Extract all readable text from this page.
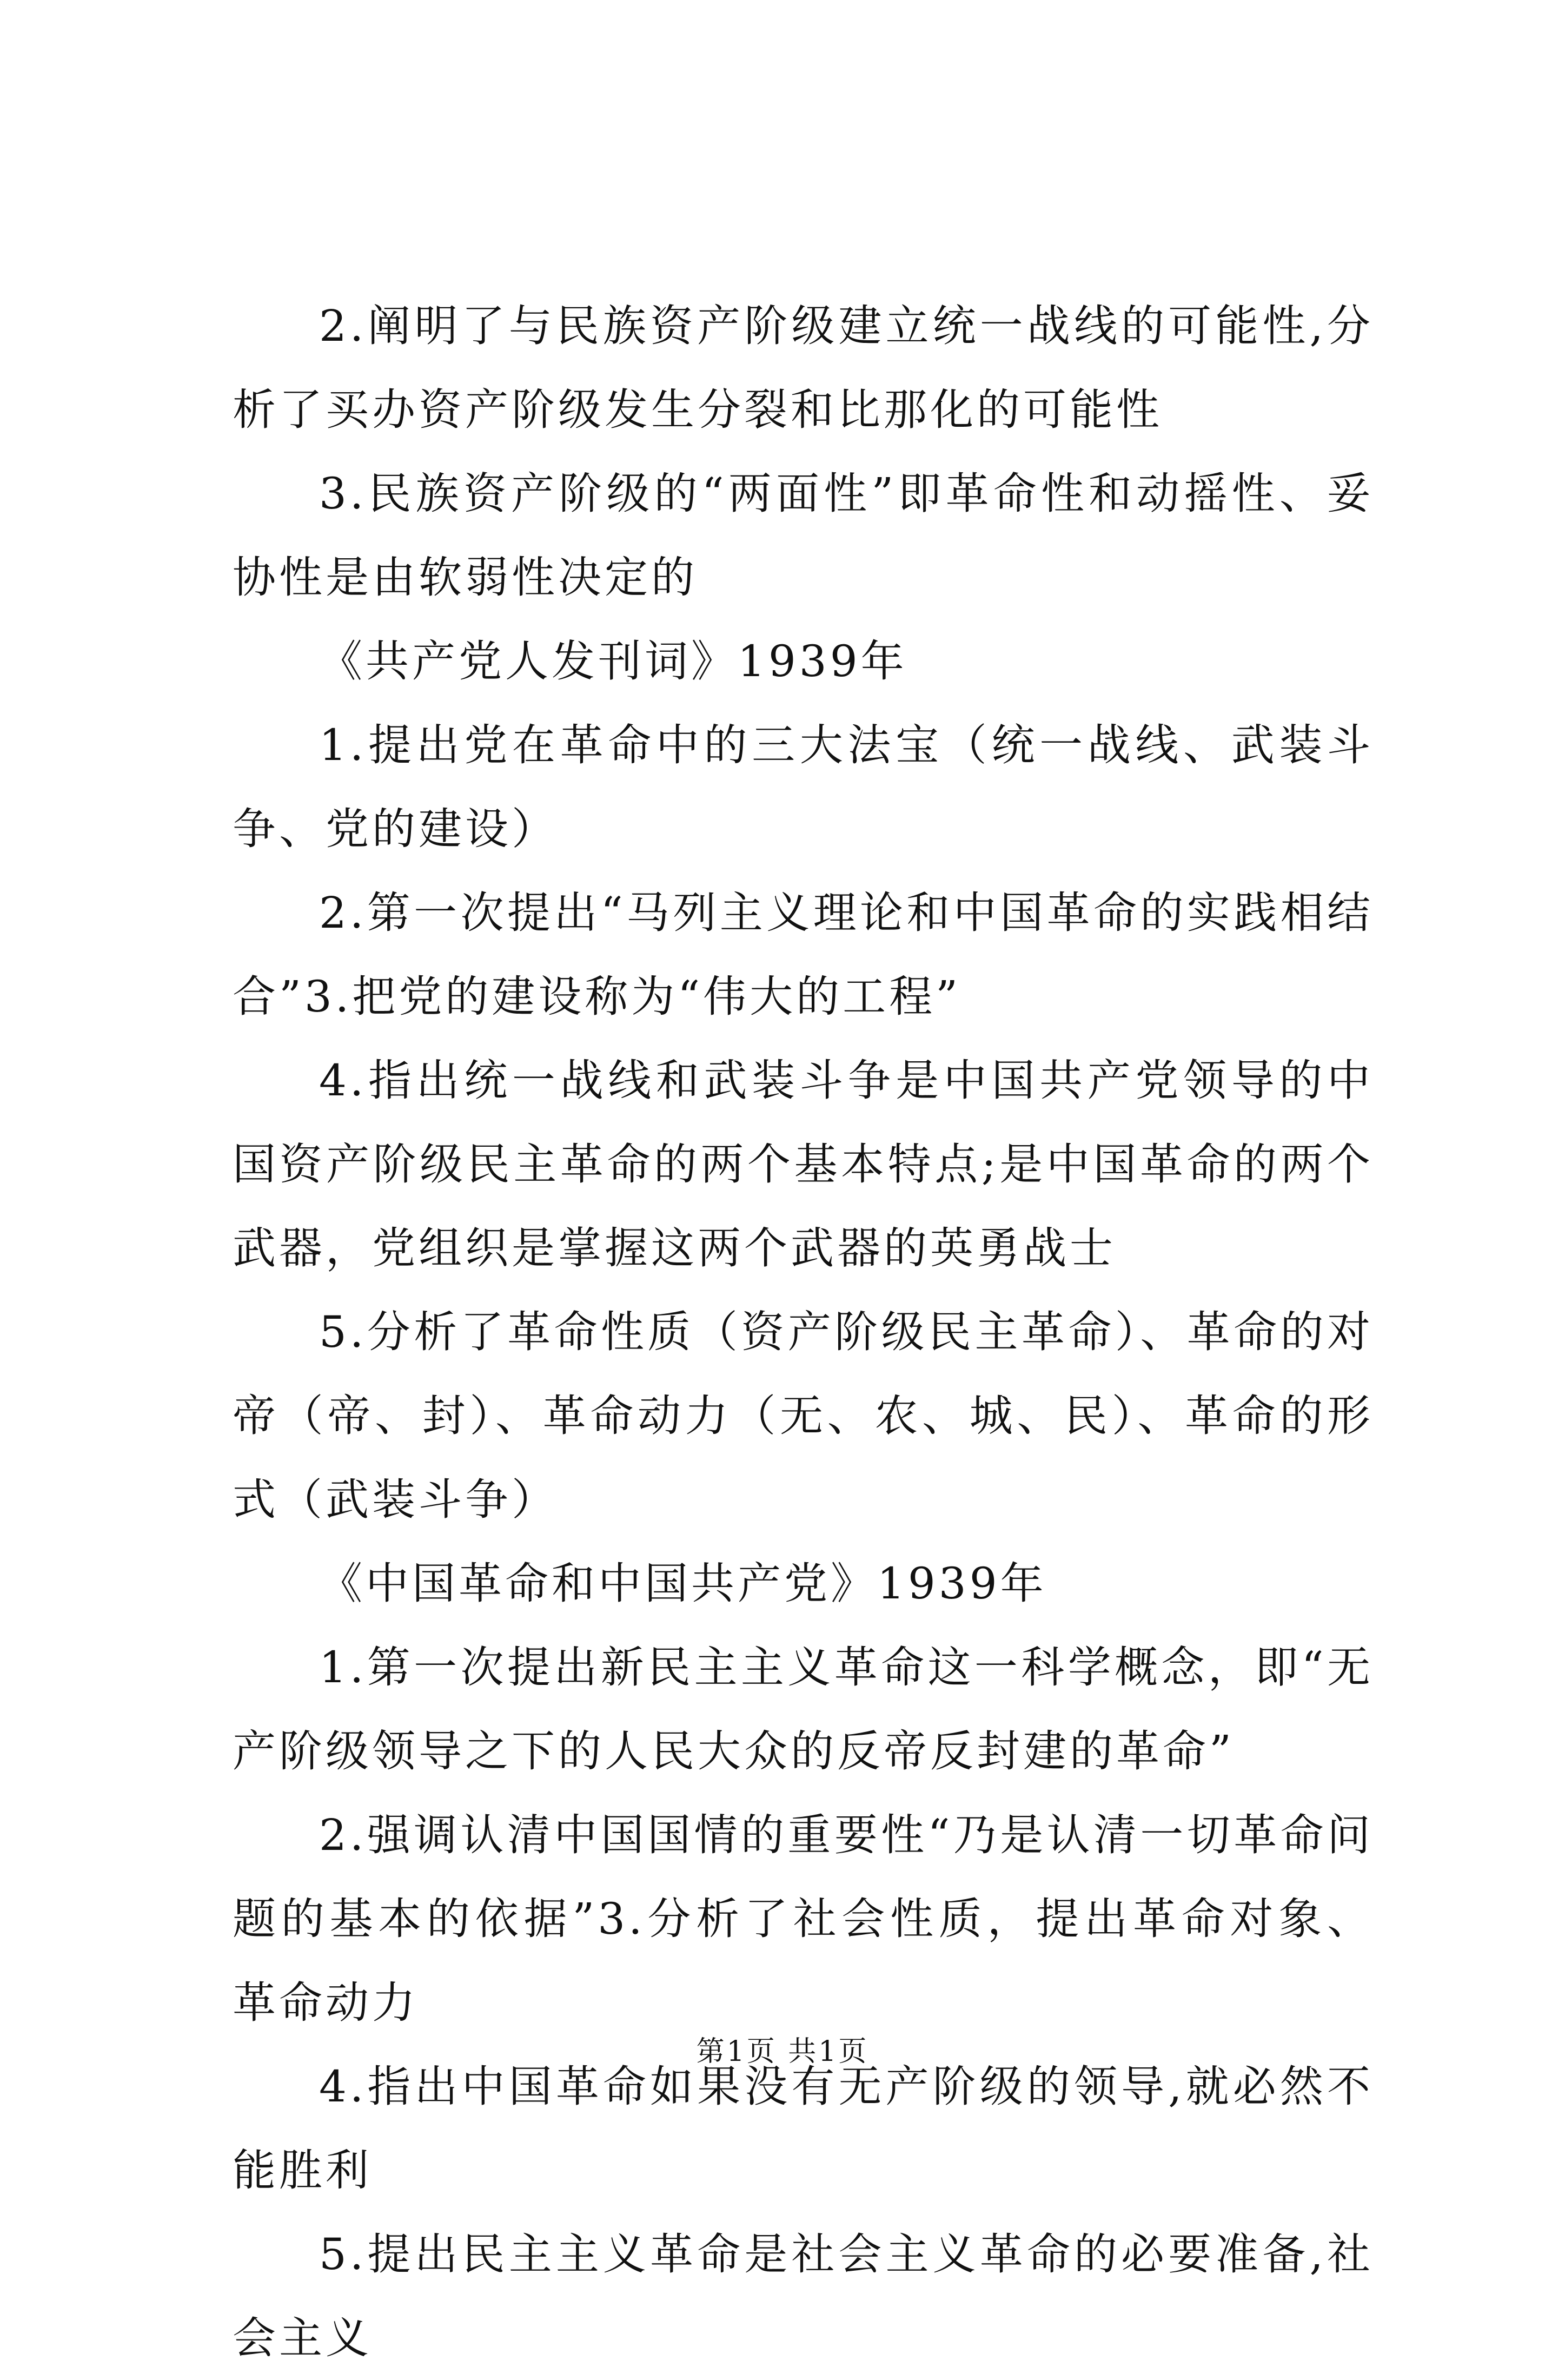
2.阐明了与民族资产阶级建立统一战线的可能性,分析了买办资产阶级发生分裂和比那化的可能性

3.民族资产阶级的“两面性”即革命性和动摇性、妥协性是由软弱性决定的

《共产党人发刊词》1939年

1.提出党在革命中的三大法宝（统一战线、武装斗争、党的建设）

2.第一次提出“马列主义理论和中国革命的实践相结合”3.把党的建设称为“伟大的工程”

4.指出统一战线和武装斗争是中国共产党领导的中国资产阶级民主革命的两个基本特点;是中国革命的两个武器，党组织是掌握这两个武器的英勇战士

5.分析了革命性质（资产阶级民主革命）、革命的对帝（帝、封）、革命动力（无、农、城、民）、革命的形式（武装斗争）

《中国革命和中国共产党》1939年

1.第一次提出新民主主义革命这一科学概念，即“无产阶级领导之下的人民大众的反帝反封建的革命”

2.强调认清中国国情的重要性“乃是认清一切革命问题的基本的依据”3.分析了社会性质，提出革命对象、革命动力

4.指出中国革命如果没有无产阶级的领导,就必然不能胜利

5.提出民主主义革命是社会主义革命的必要准备,社会主义

第1页 共1页
